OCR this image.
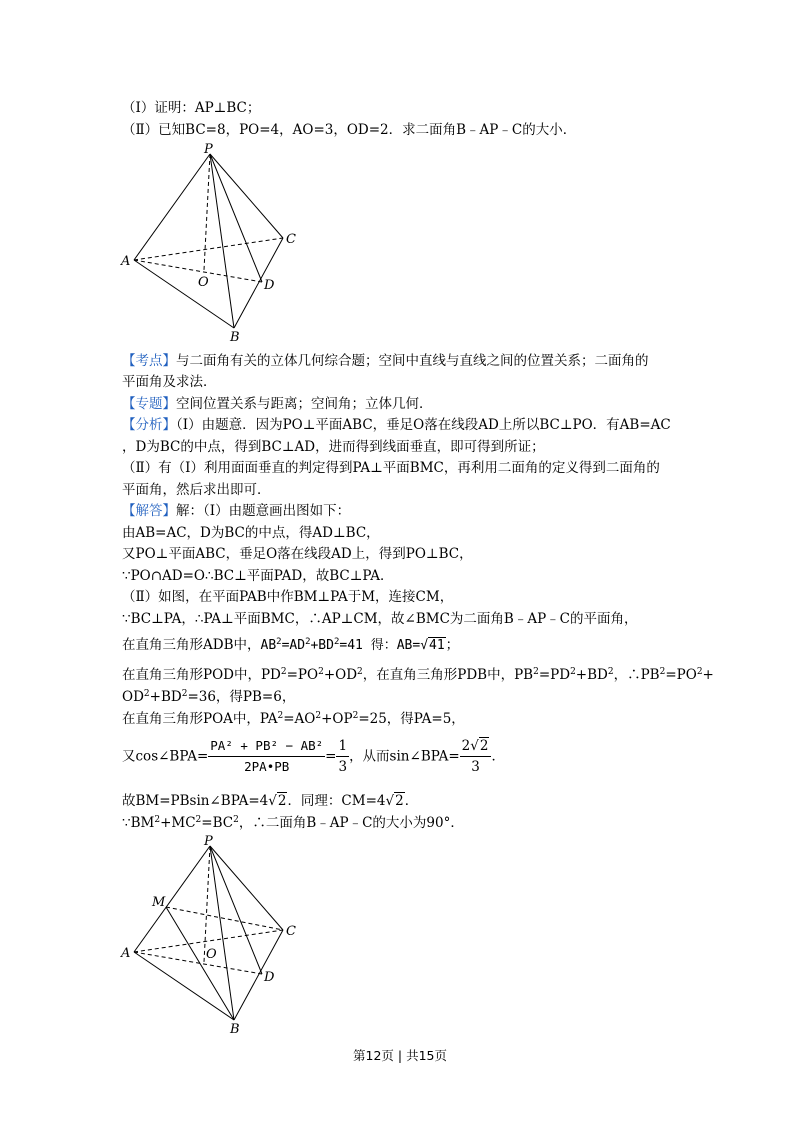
（Ⅰ）证明：AP⊥BC；
（Ⅱ）已知BC=8，PO=4，AO=3，OD=2．求二面角B﹣AP﹣C的大小．
P
A
B
C
D
O
【考点】与二面角有关的立体几何综合题；空间中直线与直线之间的位置关系；二面角的
平面角及求法．
【专题】空间位置关系与距离；空间角；立体几何．
【分析】（Ⅰ）由题意．因为PO⊥平面ABC，垂足O落在线段AD上所以BC⊥PO．有AB=AC
，D为BC的中点，得到BC⊥AD，进而得到线面垂直，即可得到所证；
（Ⅱ）有（Ⅰ）利用面面垂直的判定得到PA⊥平面BMC，再利用二面角的定义得到二面角的
平面角，然后求出即可．
【解答】解：（Ⅰ）由题意画出图如下：
由AB=AC，D为BC的中点，得AD⊥BC，
又PO⊥平面ABC，垂足O落在线段AD上，得到PO⊥BC，
∵PO∩AD=O∴BC⊥平面PAD，故BC⊥PA．
（Ⅱ）如图，在平面PAB中作BM⊥PA于M，连接CM，
∵BC⊥PA，∴PA⊥平面BMC，∴AP⊥CM，故∠BMC为二面角B﹣AP﹣C的平面角，
在直角三角形ADB中，$AB^2=AD^2+BD^2=41$ 得：AB=√41；
在直角三角形POD中，$PD^2=PO^2+OD^2$，在直角三角形PDB中，$PB^2=PD^2+BD^2$，$\therefore PB^2=PO^2+$
$OD^2+BD^2=36$，得PB=6，
在直角三角形POA中，$PA^2=AO^2+OP^2=25$，得PA=5，
又cos∠BPA= $\frac{\text{PA² + PB² − AB²}}{2PA•PB} = \frac{1}{3}$ ，从而sin∠BPA= $\frac{2√2}{3}$ ．
故BM=PBsin∠BPA=4√2．同理：CM=4√2．
$\because BM^2+MC^2=BC^2$，∴二面角B﹣AP﹣C的大小为90°．
P
M
A
B
C
D
O
第12页 | 共15页
